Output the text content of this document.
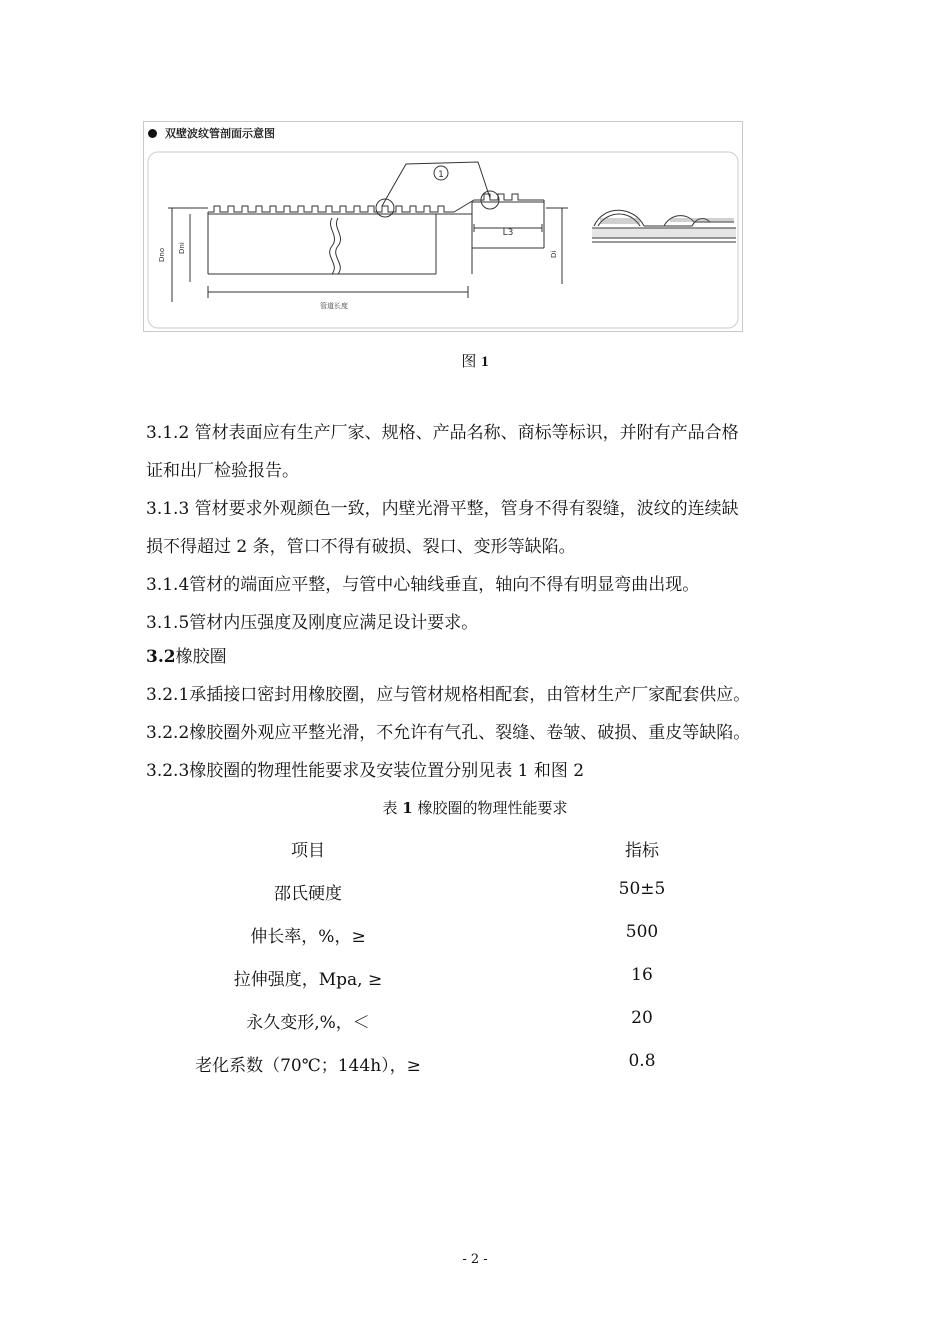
双壁波纹管剖面示意图
1
L3
Dno Dni
Di
管道长度
图 1
3.1.2 管材表面应有生产厂家、规格、产品名称、商标等标识，并附有产品合格
证和出厂检验报告。
3.1.3 管材要求外观颜色一致，内壁光滑平整，管身不得有裂缝，波纹的连续缺
损不得超过 2 条，管口不得有破损、裂口、变形等缺陷。
3.1.4管材的端面应平整，与管中心轴线垂直，轴向不得有明显弯曲出现。
3.1.5管材内压强度及刚度应满足设计要求。
3.2橡胶圈
3.2.1承插接口密封用橡胶圈，应与管材规格相配套，由管材生产厂家配套供应。
3.2.2橡胶圈外观应平整光滑，不允许有气孔、裂缝、卷皱、破损、重皮等缺陷。
3.2.3橡胶圈的物理性能要求及安装位置分别见表 1 和图 2
表 1 橡胶圈的物理性能要求
项目	指标
邵氏硬度	50±5
伸长率，%，≥	500
拉伸强度，Mpa, ≥	16
永久变形,%，＜	20
老化系数（70℃；144h），≥	0.8
- 2 -
